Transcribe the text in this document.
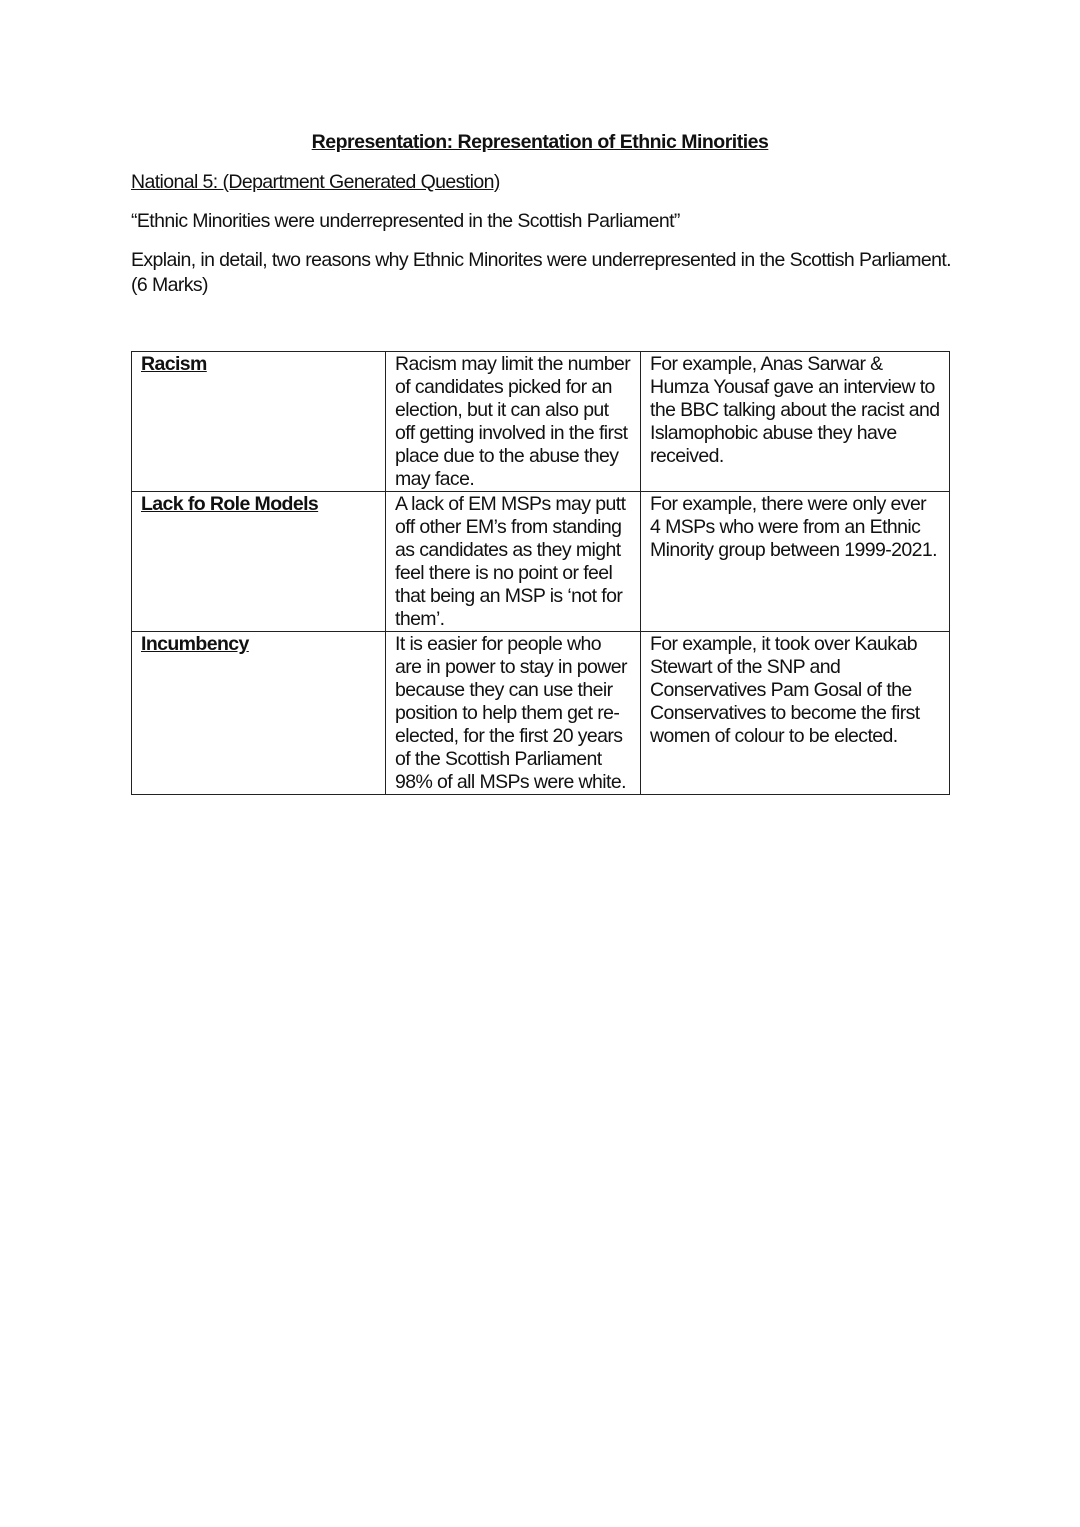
Representation: Representation of Ethnic Minorities
National 5: (Department Generated Question)
“Ethnic Minorities were underrepresented in the Scottish Parliament”
Explain, in detail, two reasons why Ethnic Minorites were underrepresented in the Scottish Parliament.
(6 Marks)
Racism	Racism may limit the number of candidates picked for an election, but it can also put off getting involved in the first place due to the abuse they may face.	For example, Anas Sarwar & Humza Yousaf gave an interview to the BBC talking about the racist and Islamophobic abuse they have received.
Lack fo Role Models	A lack of EM MSPs may putt off other EM’s from standing as candidates as they might feel there is no point or feel that being an MSP is ‘not for them’.	For example, there were only ever 4 MSPs who were from an Ethnic Minority group between 1999-2021.
Incumbency	It is easier for people who are in power to stay in power because they can use their position to help them get re-elected, for the first 20 years of the Scottish Parliament 98% of all MSPs were white.	For example, it took over Kaukab Stewart of the SNP and Conservatives Pam Gosal of the Conservatives to become the first women of colour to be elected.
